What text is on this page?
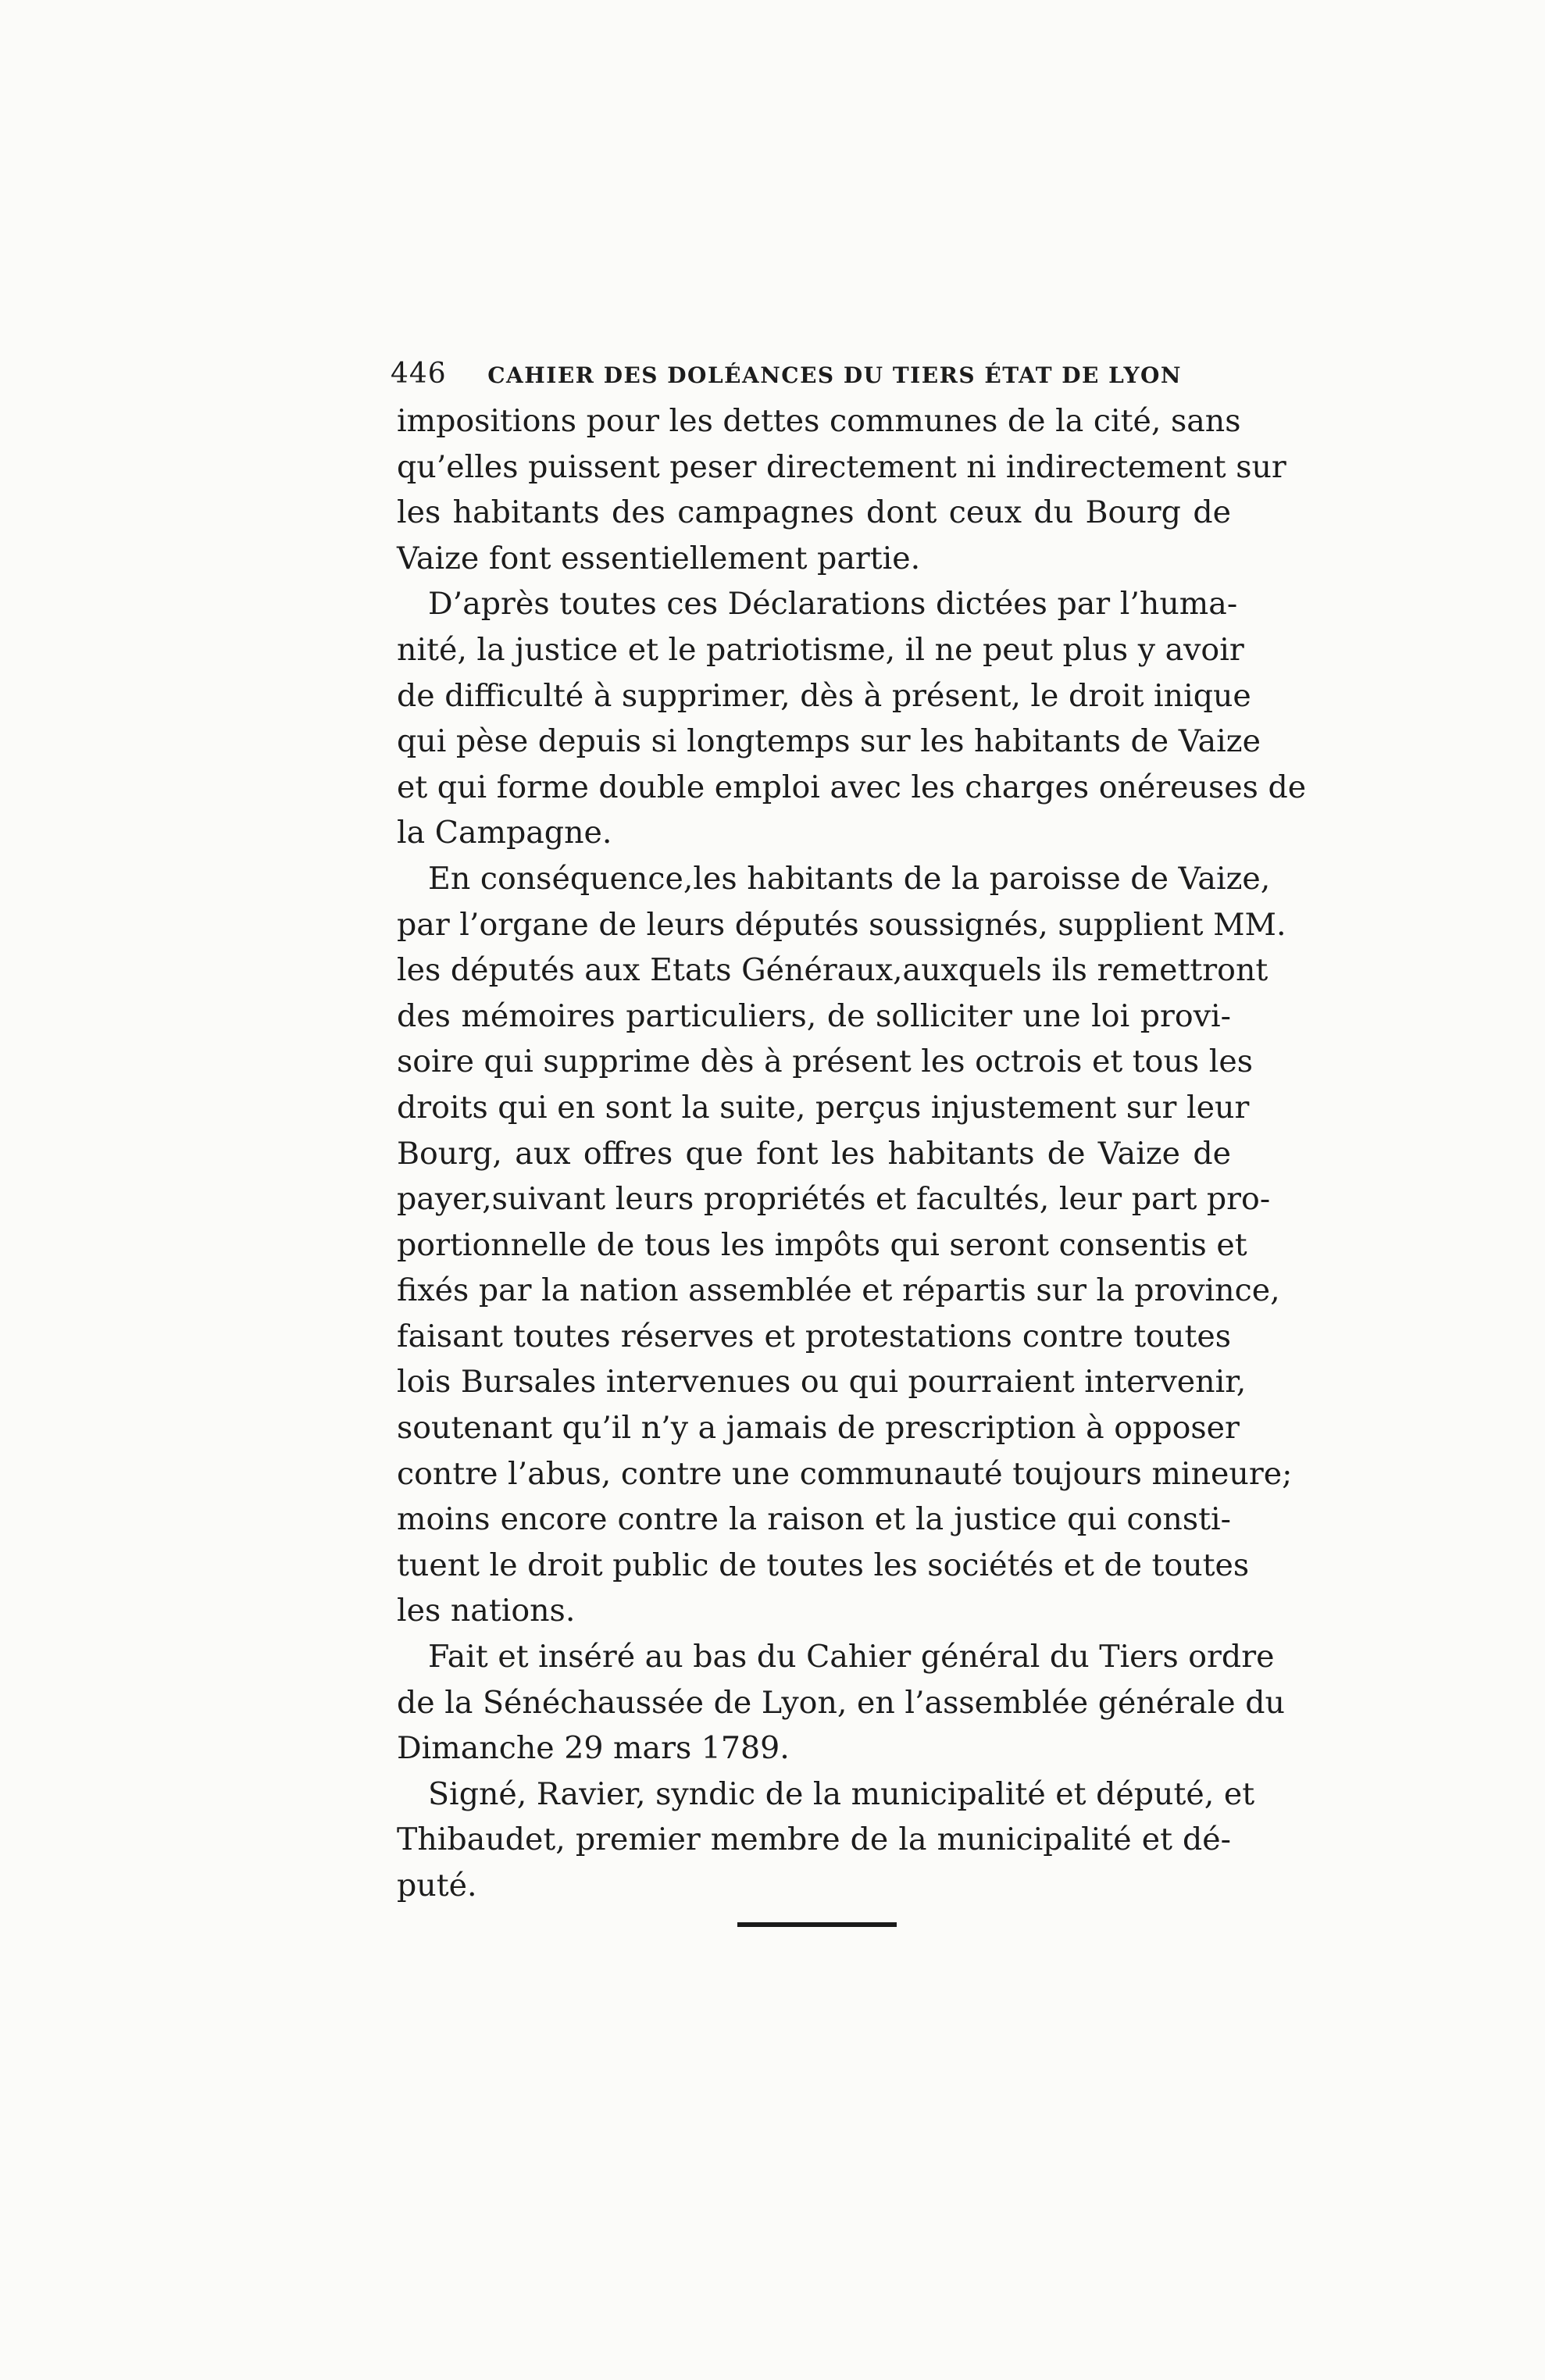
446 CAHIER DES DOLÉANCES DU TIERS ÉTAT DE LYON
impositions pour les dettes communes de la cité, sans
qu’elles puissent peser directement ni indirectement sur
les habitants des campagnes dont ceux du Bourg de
Vaize font essentiellement partie.
D’après toutes ces Déclarations dictées par l’huma-
nité, la justice et le patriotisme, il ne peut plus y avoir
de difficulté à supprimer, dès à présent, le droit inique
qui pèse depuis si longtemps sur les habitants de Vaize
et qui forme double emploi avec les charges onéreuses de
la Campagne.
En conséquence,les habitants de la paroisse de Vaize,
par l’organe de leurs députés soussignés, supplient MM.
les députés aux Etats Généraux,auxquels ils remettront
des mémoires particuliers, de solliciter une loi provi-
soire qui supprime dès à présent les octrois et tous les
droits qui en sont la suite, perçus injustement sur leur
Bourg, aux offres que font les habitants de Vaize de
payer,suivant leurs propriétés et facultés, leur part pro-
portionnelle de tous les impôts qui seront consentis et
fixés par la nation assemblée et répartis sur la province,
faisant toutes réserves et protestations contre toutes
lois Bursales intervenues ou qui pourraient intervenir,
soutenant qu’il n’y a jamais de prescription à opposer
contre l’abus, contre une communauté toujours mineure;
moins encore contre la raison et la justice qui consti-
tuent le droit public de toutes les sociétés et de toutes
les nations.
Fait et inséré au bas du Cahier général du Tiers ordre
de la Sénéchaussée de Lyon, en l’assemblée générale du
Dimanche 29 mars 1789.
Signé, Ravier, syndic de la municipalité et député, et
Thibaudet, premier membre de la municipalité et dé-
puté.
